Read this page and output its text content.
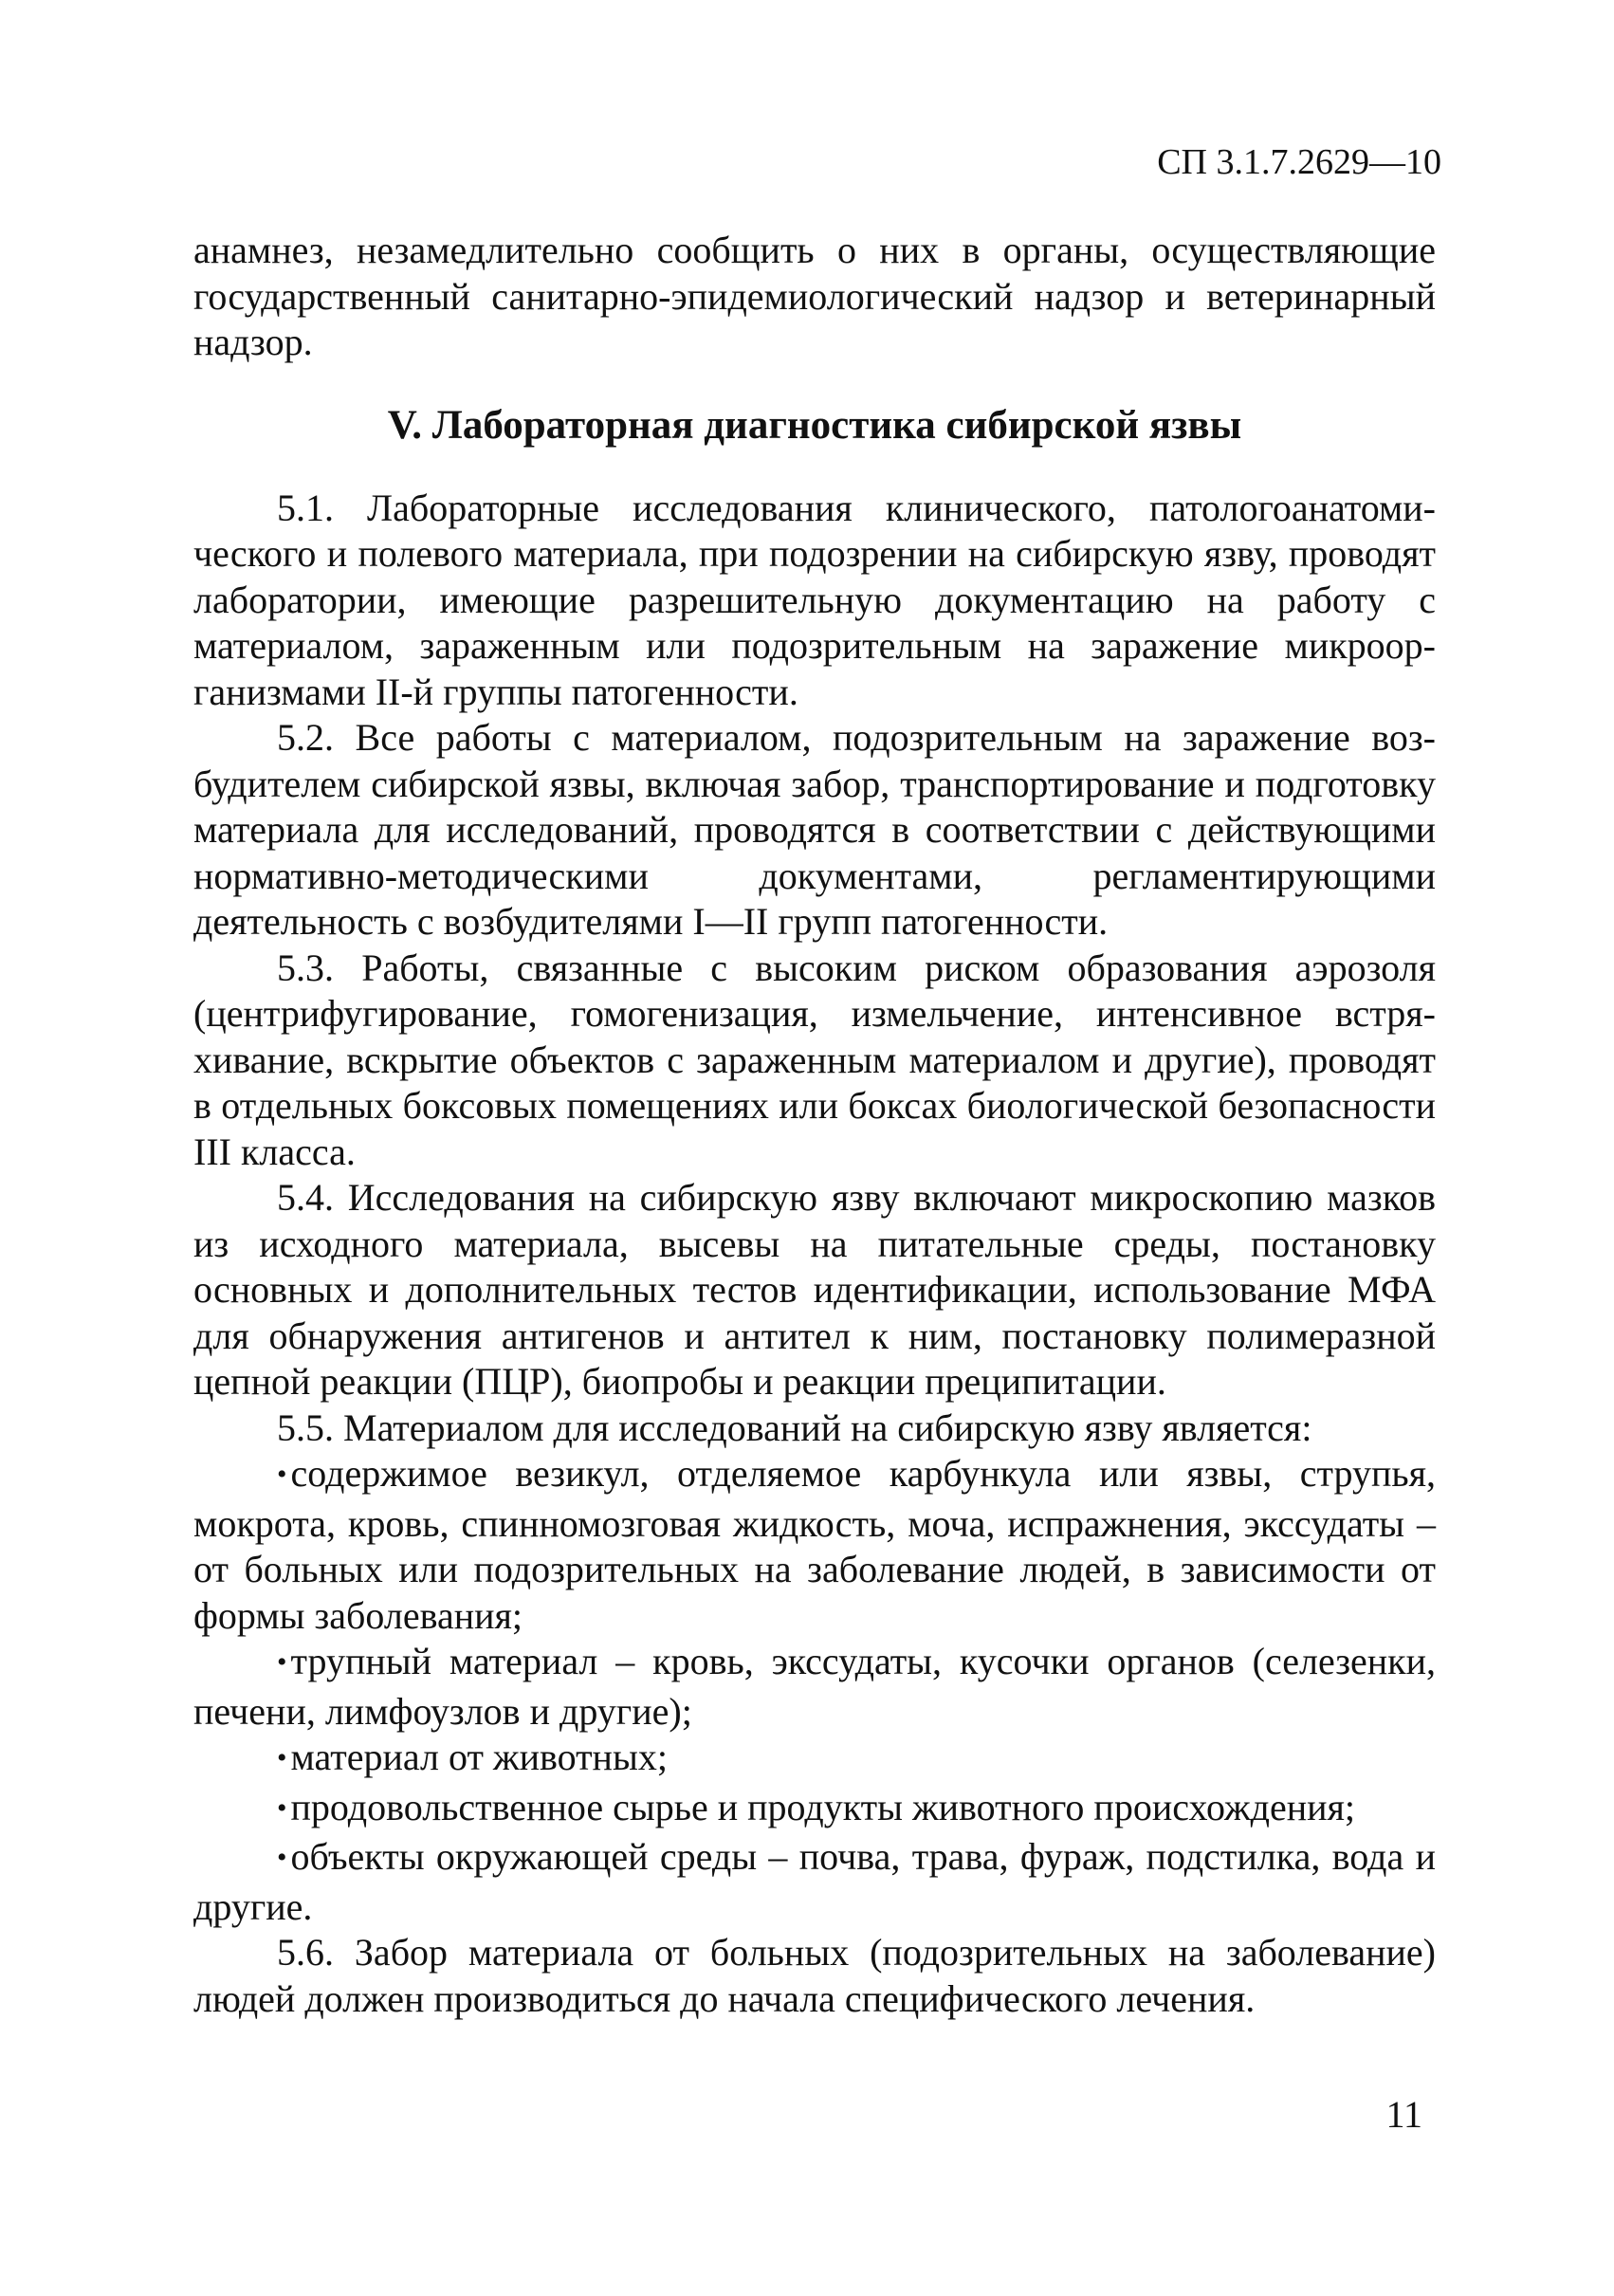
СП 3.1.7.2629—10

анамнез, незамедлительно сообщить о них в органы, осуществляющие государственный санитарно-эпидемиологический надзор и ветеринарный надзор.

V. Лабораторная диагностика сибирской язвы

5.1. Лабораторные исследования клинического, патологоанатомического и полевого материала, при подозрении на сибирскую язву, проводят лаборатории, имеющие разрешительную документацию на работу с материалом, зараженным или подозрительным на заражение микроорганизмами II-й группы патогенности.

5.2. Все работы с материалом, подозрительным на заражение возбудителем сибирской язвы, включая забор, транспортирование и подготовку материала для исследований, проводятся в соответствии с действующими нормативно-методическими документами, регламентирующими деятельность с возбудителями I—II групп патогенности.

5.3. Работы, связанные с высоким риском образования аэрозоля (центрифугирование, гомогенизация, измельчение, интенсивное встряхивание, вскрытие объектов с зараженным материалом и другие), проводят в отдельных боксовых помещениях или боксах биологической безопасности III класса.

5.4. Исследования на сибирскую язву включают микроскопию мазков из исходного материала, высевы на питательные среды, постановку основных и дополнительных тестов идентификации, использование МФА для обнаружения антигенов и антител к ним, постановку полимеразной цепной реакции (ПЦР), биопробы и реакции преципитации.

5.5. Материалом для исследований на сибирскую язву является:

• содержимое везикул, отделяемое карбункула или язвы, струпья, мокрота, кровь, спинномозговая жидкость, моча, испражнения, экссудаты – от больных или подозрительных на заболевание людей, в зависимости от формы заболевания;

• трупный материал – кровь, экссудаты, кусочки органов (селезенки, печени, лимфоузлов и другие);

• материал от животных;

• продовольственное сырье и продукты животного происхождения;

• объекты окружающей среды – почва, трава, фураж, подстилка, вода и другие.

5.6. Забор материала от больных (подозрительных на заболевание) людей должен производиться до начала специфического лечения.

11
